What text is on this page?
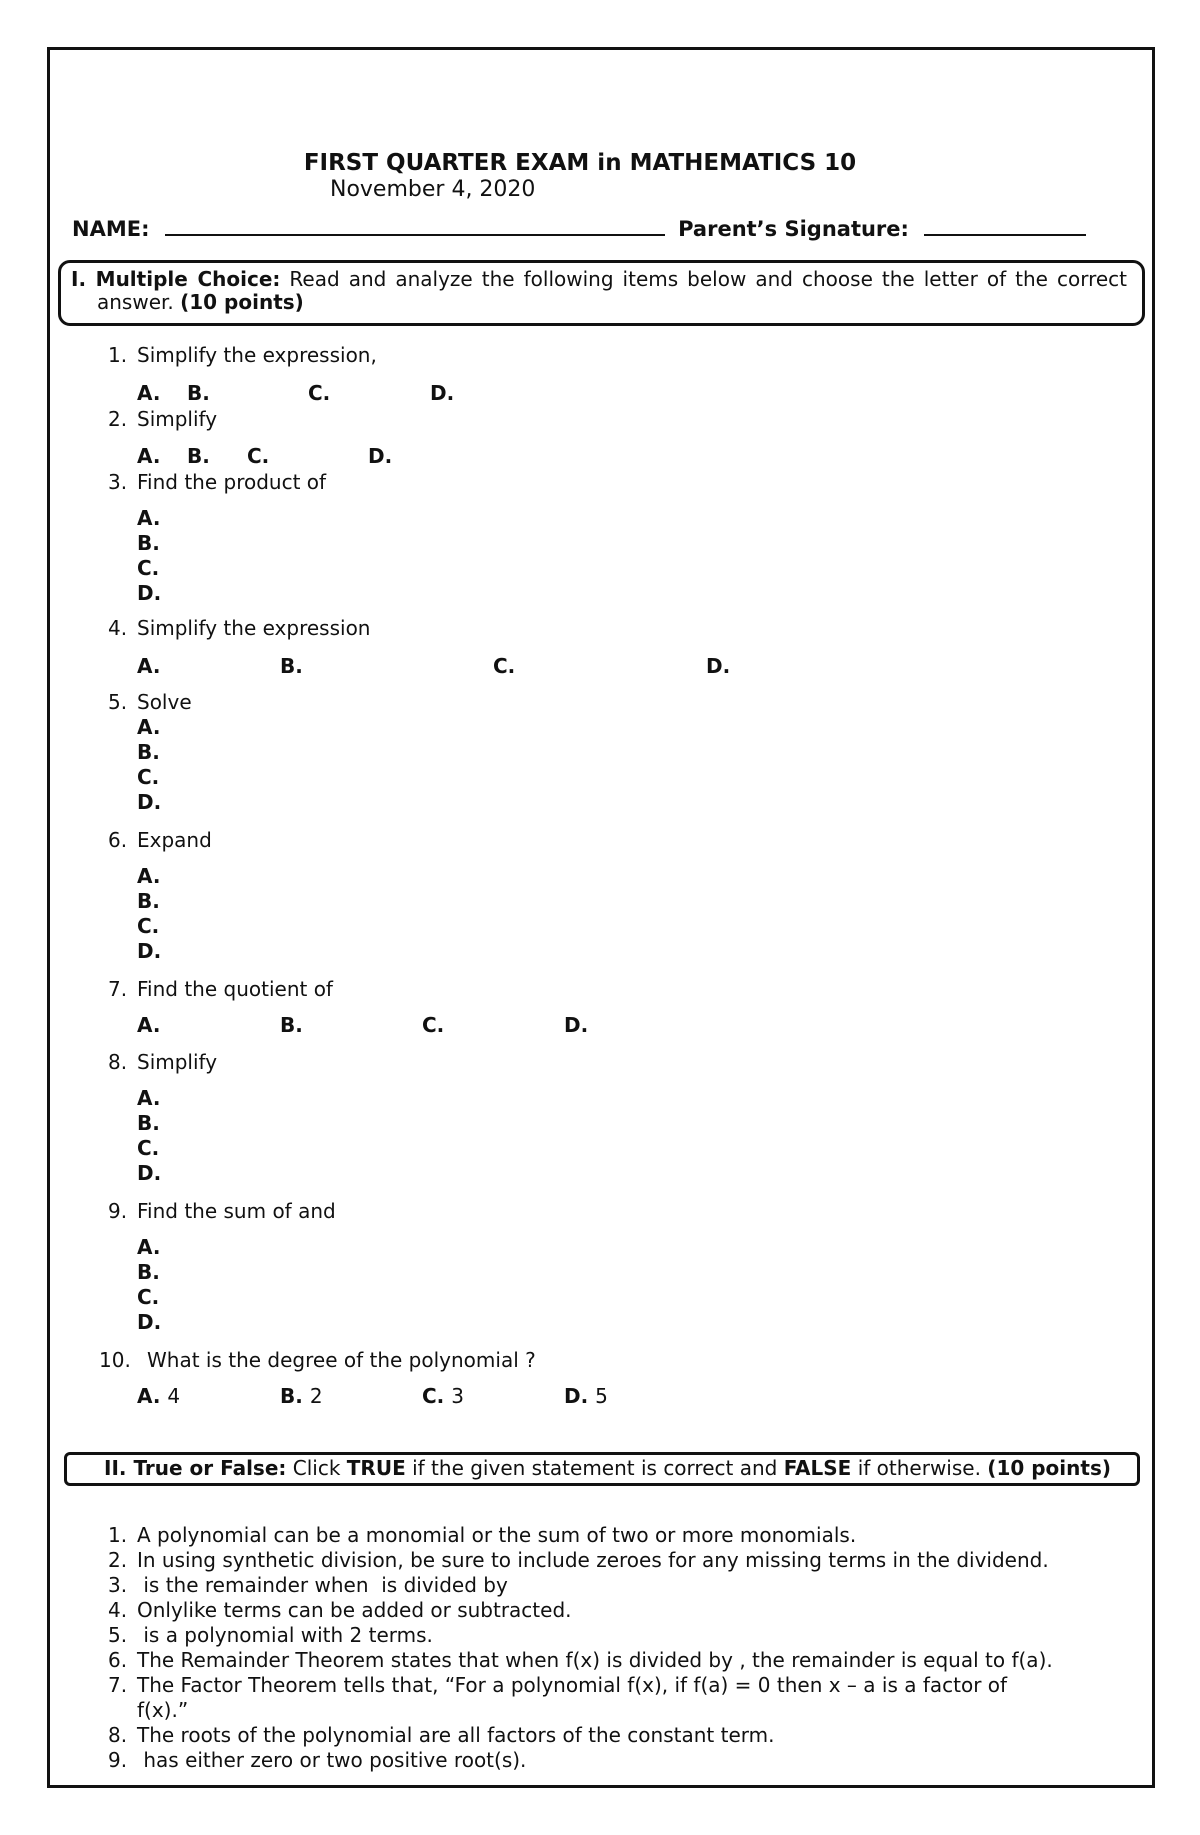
FIRST QUARTER EXAM in MATHEMATICS 10
November 4, 2020
NAME:	Parent’s Signature:
I. Multiple Choice: Read and analyze the following items below and choose the letter of the correct answer. (10 points)
1. Simplify the expression,
A. B.	C.	D.
2. Simplify
A. B. C.	D.
3. Find the product of
A.
B.
C.
D.
4. Simplify the expression
A.	B.	C.	D.
5. Solve
A.
B.
C.
D.
6. Expand
A.
B.
C.
D.
7. Find the quotient of
A.	B.	C.	D.
8. Simplify
A.
B.
C.
D.
9. Find the sum of and
A.
B.
C.
D.
10. What is the degree of the polynomial ?
A. 4	B. 2	C. 3	D. 5
II. True or False: Click TRUE if the given statement is correct and FALSE if otherwise. (10 points)
1. A polynomial can be a monomial or the sum of two or more monomials.
2. In using synthetic division, be sure to include zeroes for any missing terms in the dividend.
3. is the remainder when  is divided by
4. Onlylike terms can be added or subtracted.
5. is a polynomial with 2 terms.
6. The Remainder Theorem states that when f(x) is divided by , the remainder is equal to f(a).
7. The Factor Theorem tells that, “For a polynomial f(x), if f(a) = 0 then x – a is a factor of
f(x).”
8. The roots of the polynomial are all factors of the constant term.
9. has either zero or two positive root(s).
